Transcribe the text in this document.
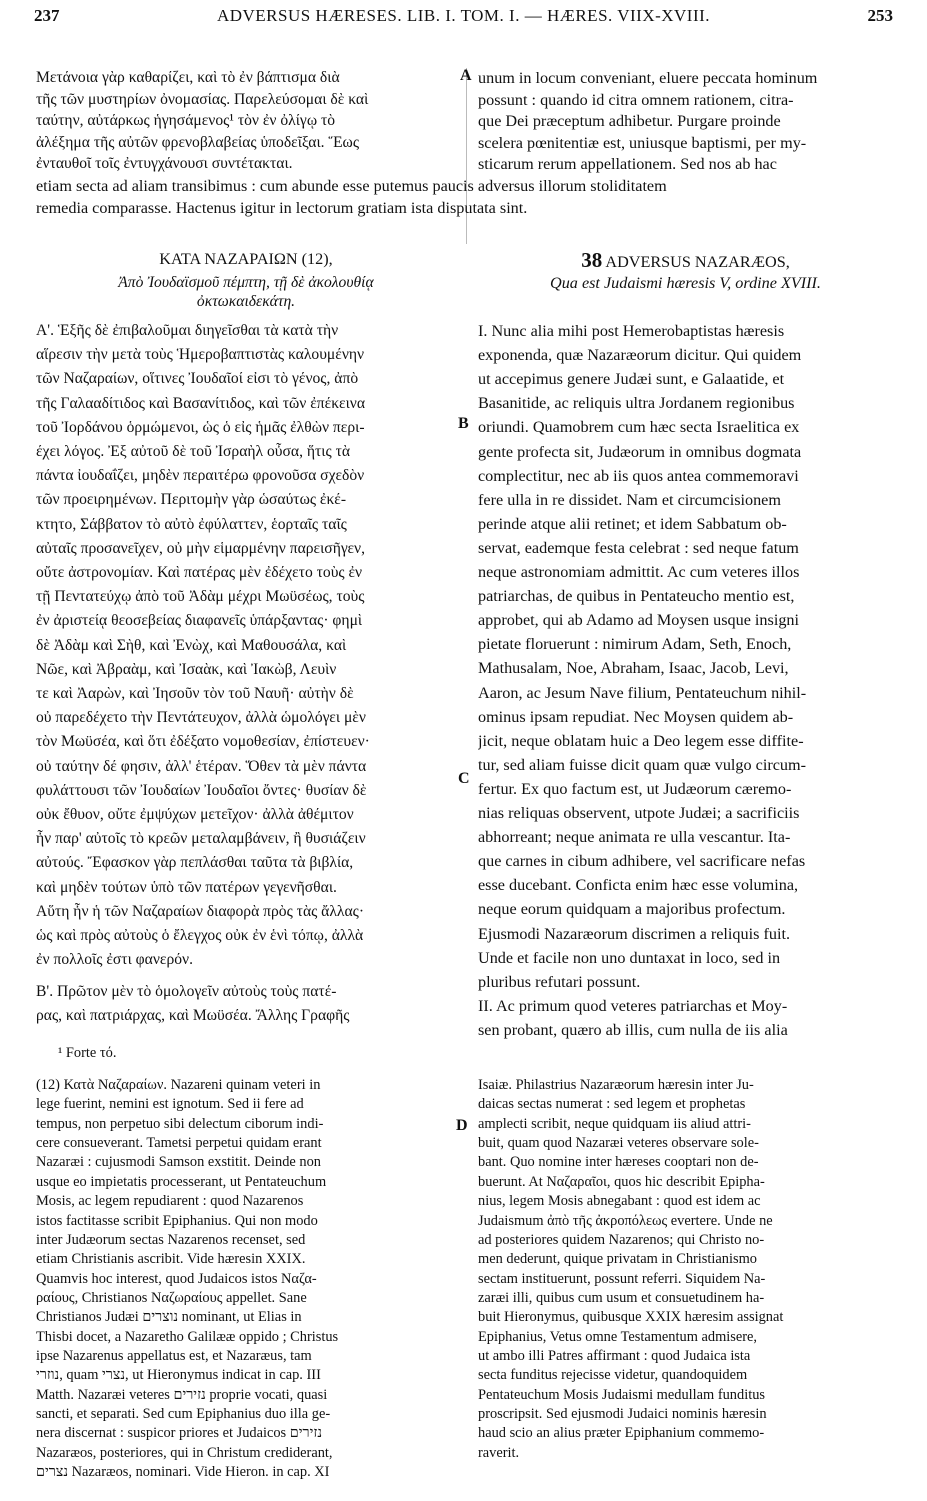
237	ADVERSUS HÆRESES. LIB. I. TOM. I. — HÆRES. VIIX-XVIII.	253
Μετάνοια γὰρ καθαρίζει, καὶ τὸ ἐν βάπτισμα διὰ
τῆς τῶν μυστηρίων ὀνομασίας. Παρελεύσομαι δὲ καὶ
ταύτην, αὐτάρκως ἡγησάμενος¹ τὸν ἐν ὀλίγῳ τὸ
ἀλέξημα τῆς αὐτῶν φρενοβλαβείας ὑποδεῖξαι. Ἕως
ἐνταυθοῖ τοῖς ἐντυγχάνουσι συντέτακται.
unum in locum conveniant, eluere peccata hominum
possunt : quando id citra omnem rationem, citra-
que Dei præceptum adhibetur. Purgare proinde
scelera pœnitentiæ est, uniusque baptismi, per my-
sticarum rerum appellationem. Sed nos ab hac
etiam secta ad aliam transibimus : cum abunde esse putemus paucis adversus illorum stoliditatem
remedia comparasse. Hactenus igitur in lectorum gratiam ista disputata sint.
ΚΑΤΑ ΝΑΖΑΡΑΙΩΝ (12),
Ἀπὸ Ἰουδαϊσμοῦ πέμπτη, τῇ δὲ ἀκολουθίᾳ
ὀκτωκαιδεκάτη.
38 ADVERSUS NAZARÆOS,
Qua est Judaismi hæresis V, ordine XVIII.
Α'. Ἑξῆς δὲ ἐπιβαλοῦμαι διηγεῖσθαι τὰ κατὰ τὴν
αἵρεσιν τὴν μετὰ τοὺς Ἡμεροβαπτιστὰς καλουμένην
τῶν Ναζαραίων, οἵτινες Ἰουδαῖοί εἰσι τὸ γένος, ἀπὸ
τῆς Γαλααδίτιδος καὶ Βασανίτιδος, καὶ τῶν ἐπέκεινα
τοῦ Ἰορδάνου ὁρμώμενοι, ὡς ὁ εἰς ἡμᾶς ἐλθὼν περι-
έχει λόγος. Ἐξ αὐτοῦ δὲ τοῦ Ἰσραὴλ οὖσα, ἥτις τὰ
πάντα ἰουδαΐζει, μηδὲν περαιτέρω φρονοῦσα σχεδὸν
τῶν προειρημένων. Περιτομὴν γὰρ ὡσαύτως ἐκέ-
κτητο, Σάββατον τὸ αὐτὸ ἐφύλαττεν, ἑορταῖς ταῖς
αὐταῖς προσανεῖχεν, οὐ μὴν εἱμαρμένην παρεισῆγεν,
οὔτε ἀστρονομίαν. Καὶ πατέρας μὲν ἐδέχετο τοὺς ἐν
τῇ Πεντατεύχῳ ἀπὸ τοῦ Ἀδὰμ μέχρι Μωϋσέως, τοὺς
ἐν ἀριστείᾳ θεοσεβείας διαφανεῖς ὑπάρξαντας· φημὶ
δὲ Ἀδὰμ καὶ Σὴθ, καὶ Ἐνὼχ, καὶ Μαθουσάλα, καὶ
Νῶε, καὶ Ἀβραὰμ, καὶ Ἰσαὰκ, καὶ Ἰακὼβ, Λευὶν
τε καὶ Ἀαρὼν, καὶ Ἰησοῦν τὸν τοῦ Ναυῆ· αὐτὴν δὲ
οὐ παρεδέχετο τὴν Πεντάτευχον, ἀλλὰ ὡμολόγει μὲν
τὸν Μωϋσέα, καὶ ὅτι ἐδέξατο νομοθεσίαν, ἐπίστευεν·
οὐ ταύτην δέ φησιν, ἀλλ' ἑτέραν. Ὅθεν τὰ μὲν πάντα
φυλάττουσι τῶν Ἰουδαίων Ἰουδαῖοι ὄντες· θυσίαν δὲ
οὐκ ἔθυον, οὔτε ἐμψύχων μετεῖχον· ἀλλὰ ἀθέμιτον
ἦν παρ' αὐτοῖς τὸ κρεῶν μεταλαμβάνειν, ἢ θυσιάζειν
αὐτούς. Ἔφασκον γὰρ πεπλάσθαι ταῦτα τὰ βιβλία,
καὶ μηδὲν τούτων ὑπὸ τῶν πατέρων γεγενῆσθαι.
Αὕτη ἦν ἡ τῶν Ναζαραίων διαφορὰ πρὸς τὰς ἄλλας·
ὡς καὶ πρὸς αὐτοὺς ὁ ἔλεγχος οὐκ ἐν ἑνὶ τόπῳ, ἀλλὰ
ἐν πολλοῖς ἐστι φανερόν.
Β'. Πρῶτον μὲν τὸ ὁμολογεῖν αὐτοὺς τοὺς πατέ-
ρας, καὶ πατριάρχας, καὶ Μωϋσέα. Ἄλλης Γραφῆς
I. Nunc alia mihi post Hemerobaptistas hæresis
exponenda, quæ Nazaræorum dicitur. Qui quidem
ut accepimus genere Judæi sunt, e Galaatide, et
Basanitide, ac reliquis ultra Jordanem regionibus
oriundi. Quamobrem cum hæc secta Israelitica ex
gente profecta sit, Judæorum in omnibus dogmata
complectitur, nec ab iis quos antea commemoravi
fere ulla in re dissidet. Nam et circumcisionem
perinde atque alii retinet; et idem Sabbatum ob-
servat, eademque festa celebrat : sed neque fatum
neque astronomiam admittit. Ac cum veteres illos
patriarchas, de quibus in Pentateucho mentio est,
approbet, qui ab Adamo ad Moysen usque insigni
pietate floruerunt : nimirum Adam, Seth, Enoch,
Mathusalam, Noe, Abraham, Isaac, Jacob, Levi,
Aaron, ac Jesum Nave filium, Pentateuchum nihil-
ominus ipsam repudiat. Nec Moysen quidem ab-
jicit, neque oblatam huic a Deo legem esse diffite-
tur, sed aliam fuisse dicit quam quæ vulgo circum-
fertur. Ex quo factum est, ut Judæorum cæremo-
nias reliquas observent, utpote Judæi; a sacrificiis
abhorreant; neque animata re ulla vescantur. Ita-
que carnes in cibum adhibere, vel sacrificare nefas
esse ducebant. Conficta enim hæc esse volumina,
neque eorum quidquam a majoribus profectum.
Ejusmodi Nazaræorum discrimen a reliquis fuit.
Unde et facile non uno duntaxat in loco, sed in
pluribus refutari possunt.
II. Ac primum quod veteres patriarchas et Moy-
sen probant, quæro ab illis, cum nulla de iis alia
¹ Forte τό.
(12) Κατὰ Ναζαραίων. Nazareni quinam veteri in
lege fuerint, nemini est ignotum. Sed ii fere ad
tempus, non perpetuo sibi delectum ciborum indi-
cere consueverant. Tametsi perpetui quidam erant
Nazaræi : cujusmodi Samson exstitit. Deinde non
usque eo impietatis processerant, ut Pentateuchum
Mosis, ac legem repudiarent : quod Nazarenos
istos factitasse scribit Epiphanius. Qui non modo
inter Judæorum sectas Nazarenos recenset, sed
etiam Christianis ascribit. Vide hæresin XXIX.
Quamvis hoc interest, quod Judaicos istos Ναζα-
ραίους, Christianos Ναζωραίους appellet. Sane
Christianos Judæi נוצרים nominant, ut Elias in
Thisbi docet, a Nazaretho Galilææ oppido ; Christus
ipse Nazarenus appellatus est, et Nazaræus, tam
נוזרי, quam נצרי, ut Hieronymus indicat in cap. III
Matth. Nazaræi veteres נזירים proprie vocati, quasi
sancti, et separati. Sed cum Epiphanius duo illa ge-
nera discernat : suspicor priores et Judaicos נזירים
Nazaræos, posteriores, qui in Christum crediderant,
נצרים Nazaræos, nominari. Vide Hieron. in cap. XI
Isaiæ. Philastrius Nazaræorum hæresin inter Ju-
daicas sectas numerat : sed legem et prophetas
amplecti scribit, neque quidquam iis aliud attri-
buit, quam quod Nazaræi veteres observare sole-
bant. Quo nomine inter hæreses cooptari non de-
buerunt. At Ναζαραῖοι, quos hic describit Epipha-
nius, legem Mosis abnegabant : quod est idem ac
Judaismum ἀπὸ τῆς ἀκροπόλεως evertere. Unde ne
ad posteriores quidem Nazarenos; qui Christo no-
men dederunt, quique privatam in Christianismo
sectam instituerunt, possunt referri. Siquidem Na-
zaræi illi, quibus cum usum et consuetudinem ha-
buit Hieronymus, quibusque XXIX hæresim assignat
Epiphanius, Vetus omne Testamentum admisere,
ut ambo illi Patres affirmant : quod Judaica ista
secta funditus rejecisse videtur, quandoquidem
Pentateuchum Mosis Judaismi medullam funditus
proscripsit. Sed ejusmodi Judaici nominis hæresin
haud scio an alius præter Epiphanium commemo-
raverit.
A
B
C
D
